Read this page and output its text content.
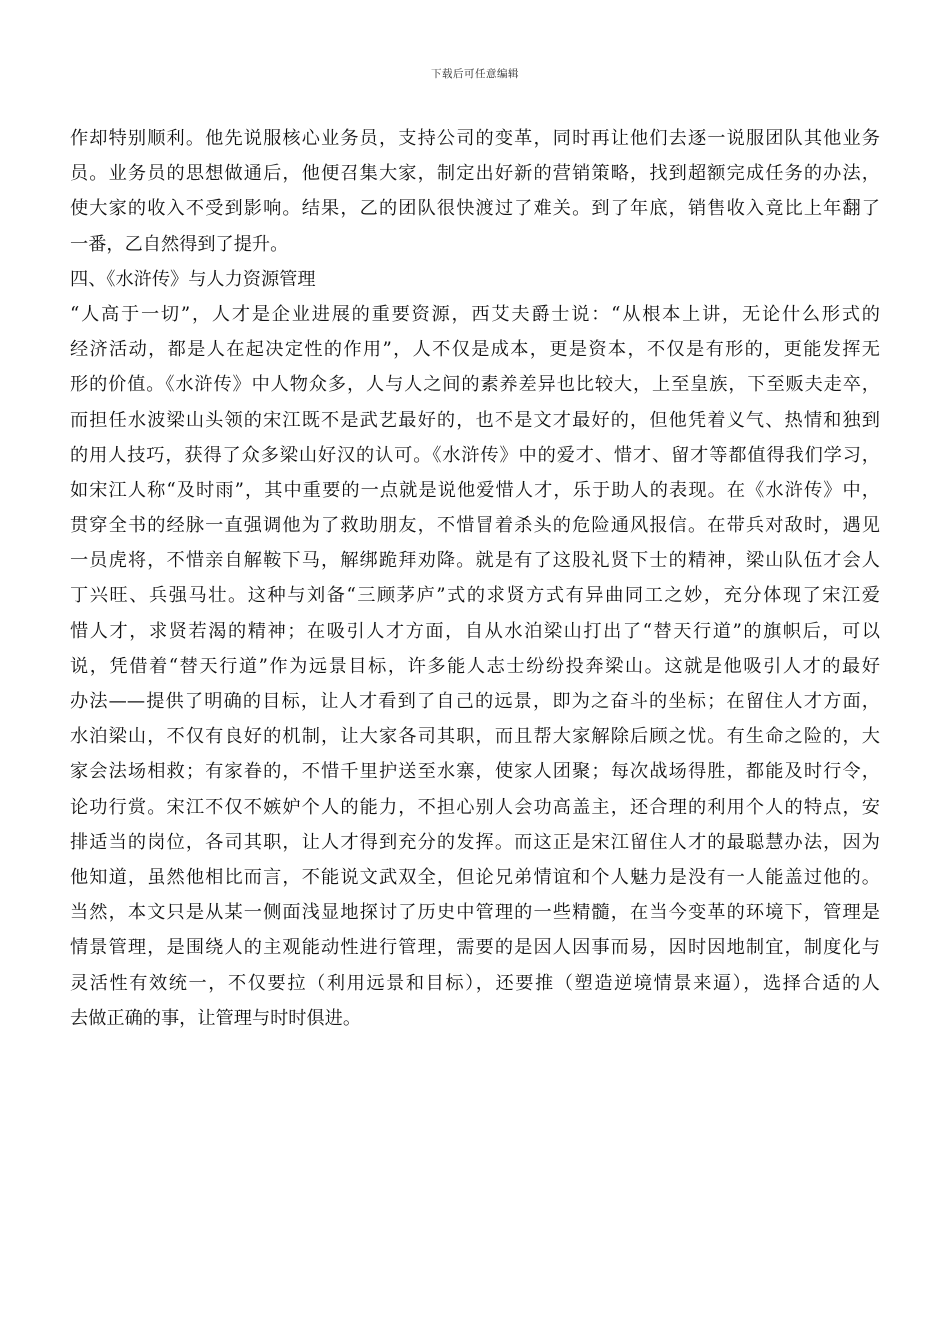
下载后可任意编辑
作却特别顺利。他先说服核心业务员，支持公司的变革，同时再让他们去逐一说服团队其他业务
员。业务员的思想做通后，他便召集大家，制定出好新的营销策略，找到超额完成任务的办法，
使大家的收入不受到影响。结果，乙的团队很快渡过了难关。到了年底，销售收入竟比上年翻了
一番，乙自然得到了提升。
四、《水浒传》与人力资源管理
“人高于一切”，人才是企业进展的重要资源，西艾夫爵士说：“从根本上讲，无论什么形式的
经济活动，都是人在起决定性的作用”，人不仅是成本，更是资本，不仅是有形的，更能发挥无
形的价值。《水浒传》中人物众多，人与人之间的素养差异也比较大，上至皇族，下至贩夫走卒，
而担任水波梁山头领的宋江既不是武艺最好的，也不是文才最好的，但他凭着义气、热情和独到
的用人技巧，获得了众多梁山好汉的认可。《水浒传》中的爱才、惜才、留才等都值得我们学习，
如宋江人称“及时雨”，其中重要的一点就是说他爱惜人才，乐于助人的表现。在《水浒传》中，
贯穿全书的经脉一直强调他为了救助朋友，不惜冒着杀头的危险通风报信。在带兵对敌时，遇见
一员虎将，不惜亲自解鞍下马，解绑跪拜劝降。就是有了这股礼贤下士的精神，梁山队伍才会人
丁兴旺、兵强马壮。这种与刘备“三顾茅庐”式的求贤方式有异曲同工之妙，充分体现了宋江爱
惜人才，求贤若渴的精神；在吸引人才方面，自从水泊梁山打出了“替天行道”的旗帜后，可以
说，凭借着“替天行道”作为远景目标，许多能人志士纷纷投奔梁山。这就是他吸引人才的最好
办法——提供了明确的目标，让人才看到了自己的远景，即为之奋斗的坐标；在留住人才方面，
水泊梁山，不仅有良好的机制，让大家各司其职，而且帮大家解除后顾之忧。有生命之险的，大
家会法场相救；有家眷的，不惜千里护送至水寨，使家人团聚；每次战场得胜，都能及时行令，
论功行赏。宋江不仅不嫉妒个人的能力，不担心别人会功高盖主，还合理的利用个人的特点，安
排适当的岗位，各司其职，让人才得到充分的发挥。而这正是宋江留住人才的最聪慧办法，因为
他知道，虽然他相比而言，不能说文武双全，但论兄弟情谊和个人魅力是没有一人能盖过他的。
当然，本文只是从某一侧面浅显地探讨了历史中管理的一些精髓，在当今变革的环境下，管理是
情景管理，是围绕人的主观能动性进行管理，需要的是因人因事而易，因时因地制宜，制度化与
灵活性有效统一，不仅要拉（利用远景和目标），还要推（塑造逆境情景来逼），选择合适的人
去做正确的事，让管理与时时俱进。
